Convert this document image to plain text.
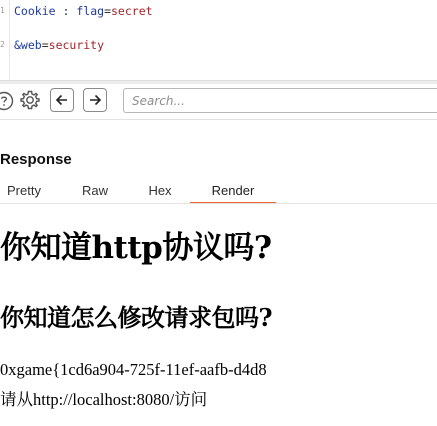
1
2
Cookie : flag=secret
&web=security
Search...
Response
Pretty	Raw	Hex	Render
你知道http协议吗?
你知道怎么修改请求包吗?
0xgame{1cd6a904-725f-11ef-aafb-d4d8
请从http://localhost:8080/访问
